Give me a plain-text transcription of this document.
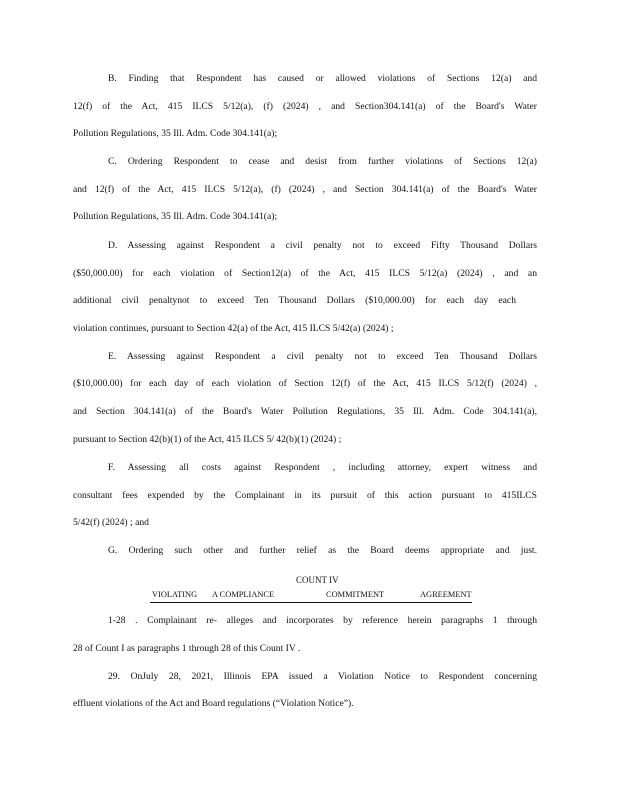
B. Finding that Respondent has caused or allowed violations of Sections 12(a) and
12(f) of the Act, 415 ILCS 5/12(a), (f) (2024) , and Section304.141(a) of the Board's Water
Pollution Regulations, 35 Ill. Adm. Code 304.141(a);
C. Ordering Respondent to cease and desist from further violations of Sections 12(a)
and 12(f) of the Act, 415 ILCS 5/12(a), (f) (2024) , and Section 304.141(a) of the Board's Water
Pollution Regulations, 35 Ill. Adm. Code 304.141(a);
D. Assessing against Respondent a civil penalty not to exceed Fifty Thousand Dollars
($50,000.00) for each violation of Section12(a) of the Act, 415 ILCS 5/12(a) (2024) , and an
additional civil penaltynot to exceed Ten Thousand Dollars ($10,000.00) for each day each
violation continues, pursuant to Section 42(a) of the Act, 415 ILCS 5/42(a) (2024) ;
E. Assessing against Respondent a civil penalty not to exceed Ten Thousand Dollars
($10,000.00) for each day of each violation of Section 12(f) of the Act, 415 ILCS 5/12(f) (2024) ,
and Section 304.141(a) of the Board's Water Pollution Regulations, 35 Ill. Adm. Code 304.141(a),
pursuant to Section 42(b)(1) of the Act, 415 ILCS 5/ 42(b)(1) (2024) ;
F. Assessing all costs against Respondent , including attorney, expert witness and
consultant fees expended by the Complainant in its pursuit of this action pursuant to 415ILCS
5/42(f) (2024) ; and
G. Ordering such other and further relief as the Board deems appropriate and just.
COUNT IV
VIOLATING A COMPLIANCE	COMMITMENT	AGREEMENT
1-28 . Complainant re- alleges and incorporates by reference herein paragraphs 1 through
28 of Count I as paragraphs 1 through 28 of this Count IV .
29. OnJuly 28, 2021, Illinois EPA issued a Violation Notice to Respondent concerning
effluent violations of the Act and Board regulations (“Violation Notice”).
